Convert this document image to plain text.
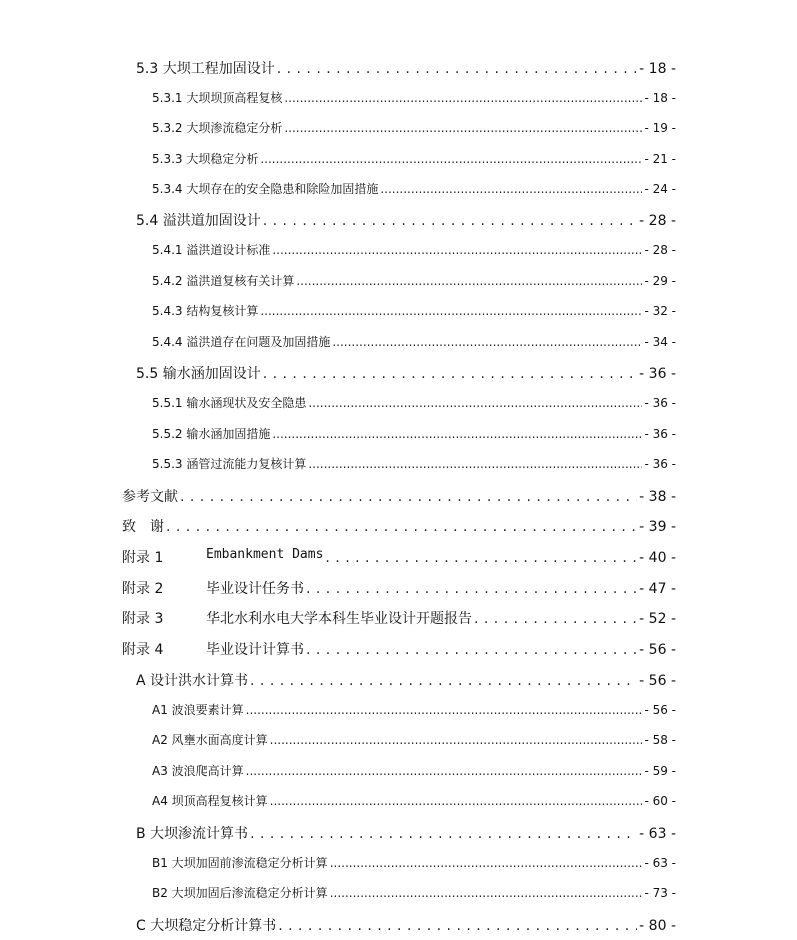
5.3 大坝工程加固设计 . . .	- 18 -
5.3.1 大坝坝顶高程复核 .....	- 18 -
5.3.2 大坝渗流稳定分析 .....	- 19 -
5.3.3 大坝稳定分析 .....	- 21 -
5.3.4 大坝存在的安全隐患和除险加固措施 .....	- 24 -
5.4 溢洪道加固设计 . . .	- 28 -
5.4.1 溢洪道设计标准 .....	- 28 -
5.4.2 溢洪道复核有关计算 .....	- 29 -
5.4.3 结构复核计算 .....	- 32 -
5.4.4 溢洪道存在问题及加固措施 .....	- 34 -
5.5 输水涵加固设计 . . .	- 36 -
5.5.1 输水涵现状及安全隐患 .....	- 36 -
5.5.2 输水涵加固措施 .....	- 36 -
5.5.3 涵管过流能力复核计算 .....	- 36 -
参考文献 . . .	- 38 -
致　谢 . . .	- 39 -
附录 1	Embankment Dams . . .	- 40 -
附录 2	毕业设计任务书 . . .	- 47 -
附录 3	华北水利水电大学本科生毕业设计开题报告 . . .	- 52 -
附录 4	毕业设计计算书 . . .	- 56 -
A 设计洪水计算书 . . .	- 56 -
A1 波浪要素计算 .....	- 56 -
A2 风壅水面高度计算 .....	- 58 -
A3 波浪爬高计算 .....	- 59 -
A4 坝顶高程复核计算 .....	- 60 -
B 大坝渗流计算书 . . .	- 63 -
B1 大坝加固前渗流稳定分析计算 .....	- 63 -
B2 大坝加固后渗流稳定分析计算 .....	- 73 -
C 大坝稳定分析计算书 . . .	- 80 -
